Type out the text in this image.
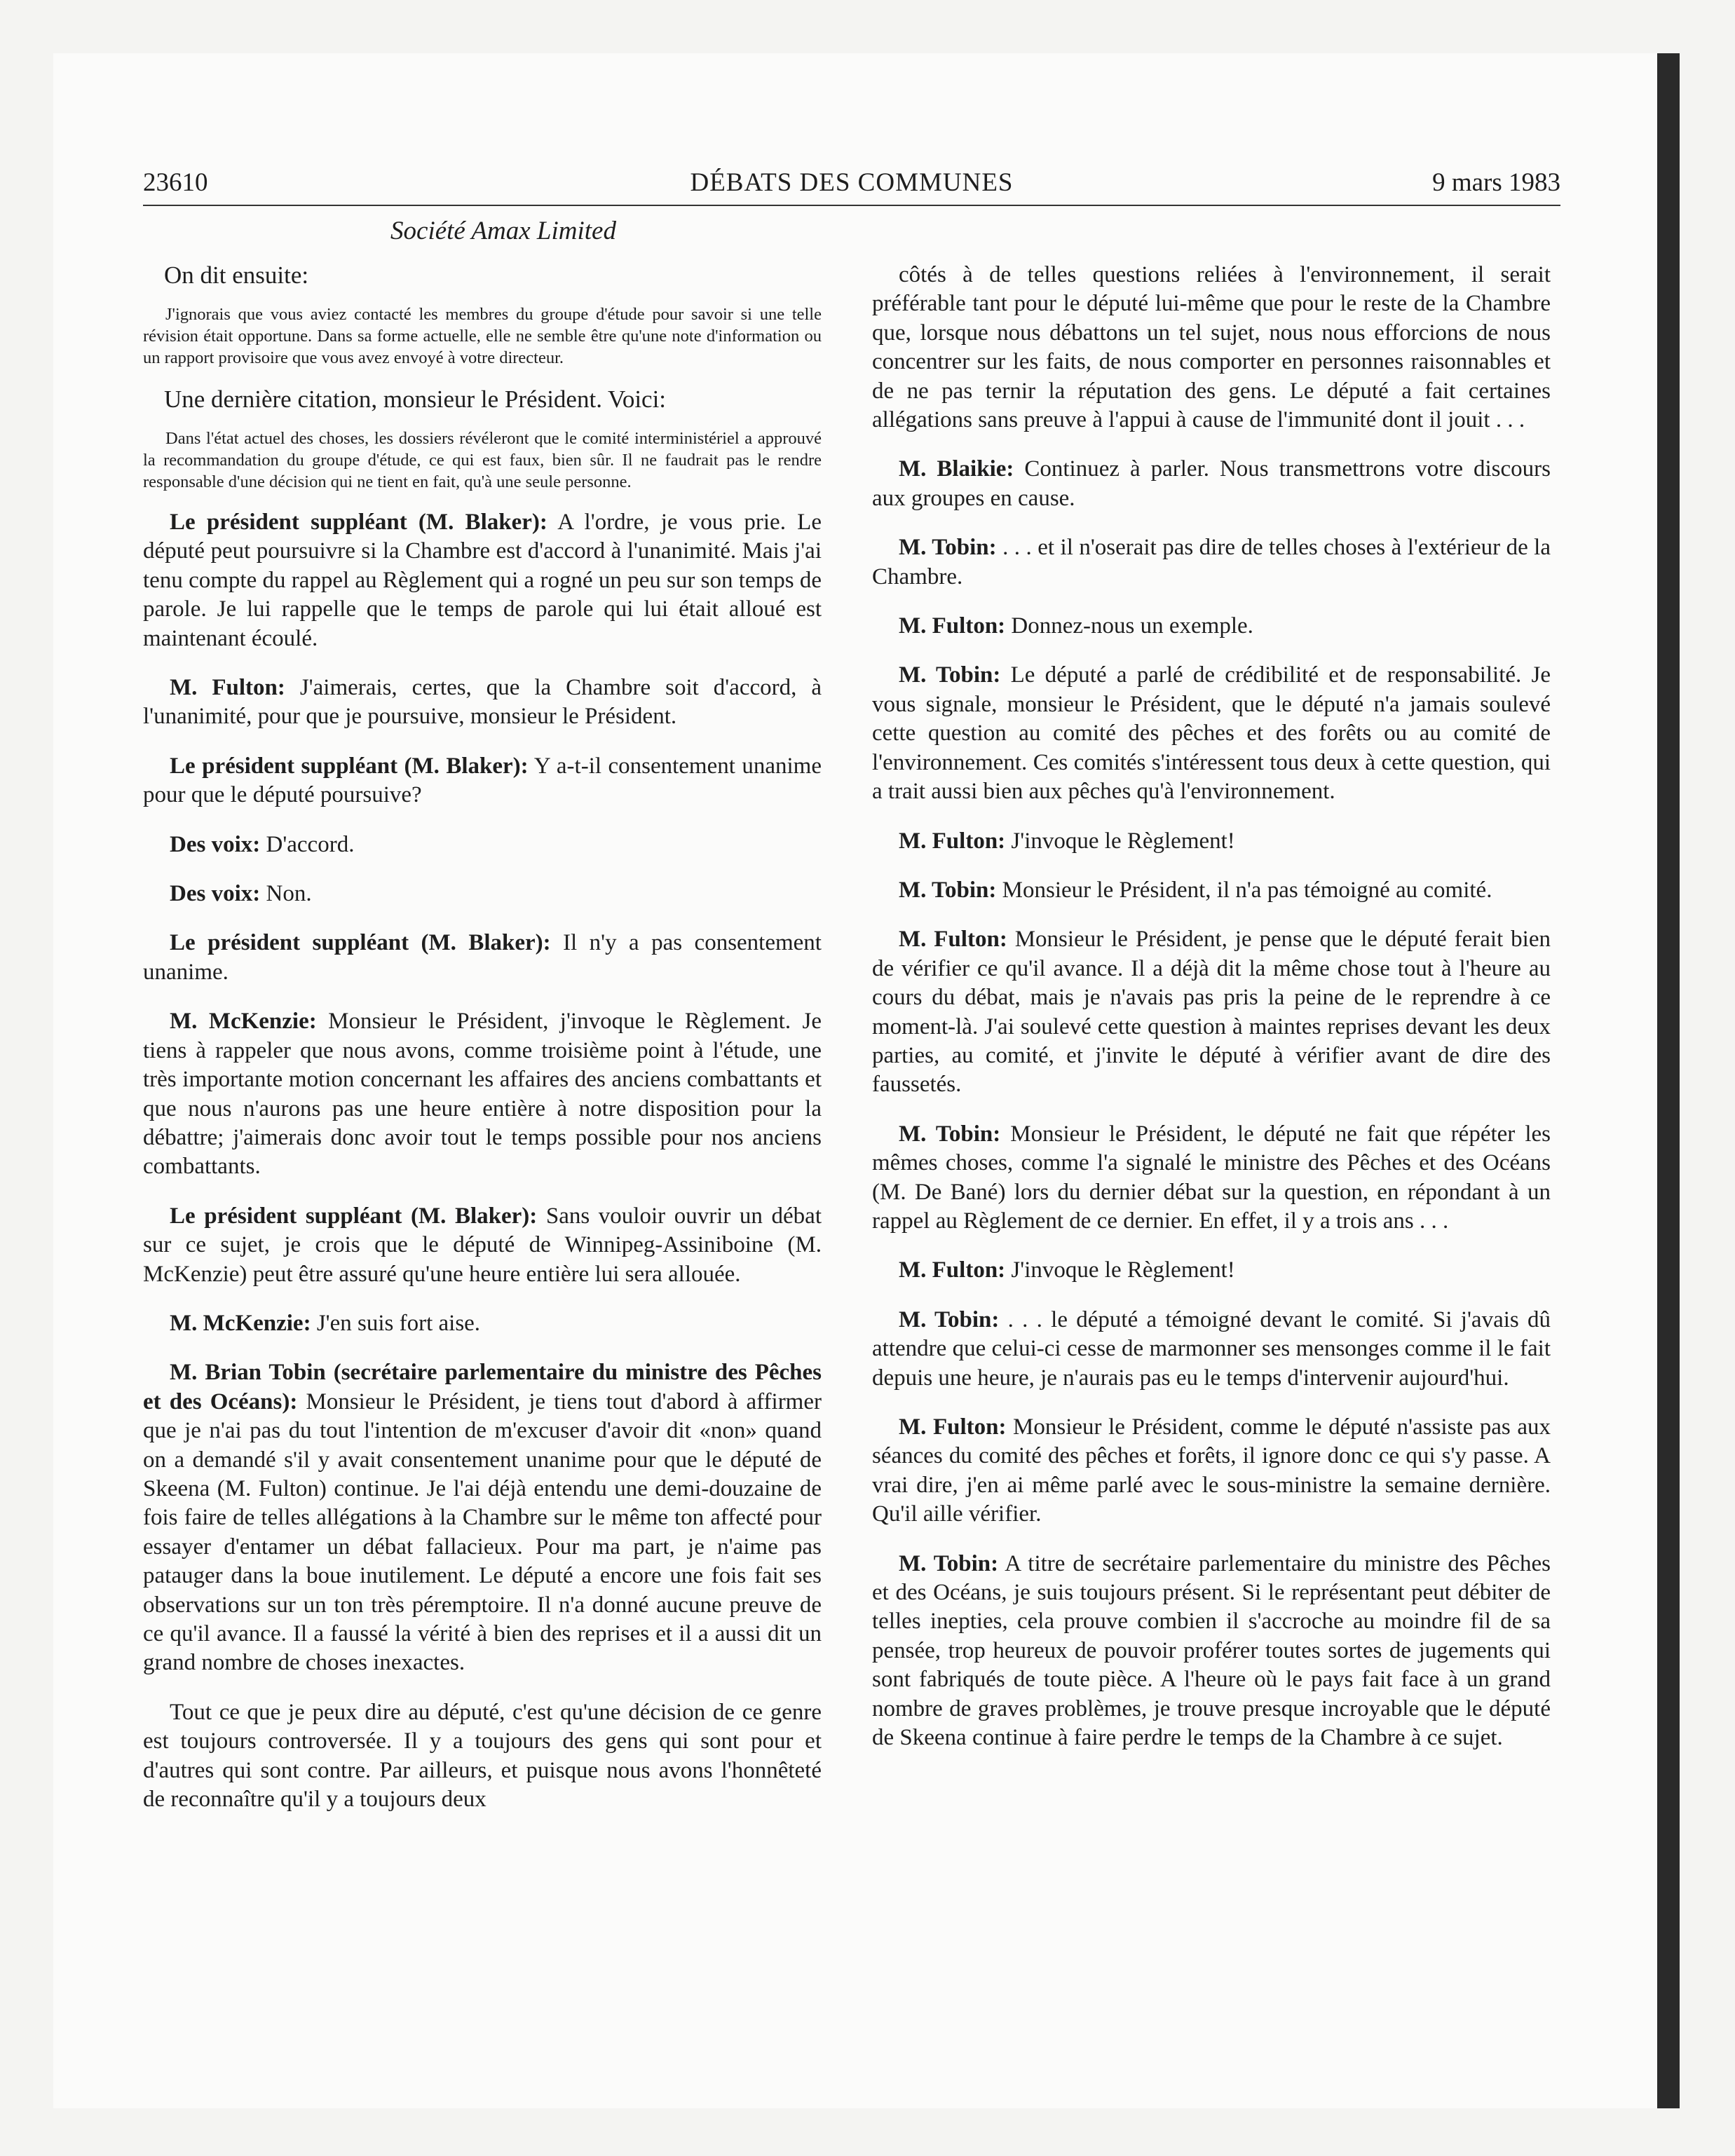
23610	DÉBATS DES COMMUNES	9 mars 1983

Société Amax Limited

On dit ensuite:

J'ignorais que vous aviez contacté les membres du groupe d'étude pour savoir si une telle révision était opportune. Dans sa forme actuelle, elle ne semble être qu'une note d'information ou un rapport provisoire que vous avez envoyé à votre directeur.

Une dernière citation, monsieur le Président. Voici:

Dans l'état actuel des choses, les dossiers révéleront que le comité interministériel a approuvé la recommandation du groupe d'étude, ce qui est faux, bien sûr. Il ne faudrait pas le rendre responsable d'une décision qui ne tient en fait, qu'à une seule personne.

Le président suppléant (M. Blaker): A l'ordre, je vous prie. Le député peut poursuivre si la Chambre est d'accord à l'unanimité. Mais j'ai tenu compte du rappel au Règlement qui a rogné un peu sur son temps de parole. Je lui rappelle que le temps de parole qui lui était alloué est maintenant écoulé.

M. Fulton: J'aimerais, certes, que la Chambre soit d'accord, à l'unanimité, pour que je poursuive, monsieur le Président.

Le président suppléant (M. Blaker): Y a-t-il consentement unanime pour que le député poursuive?

Des voix: D'accord.

Des voix: Non.

Le président suppléant (M. Blaker): Il n'y a pas consentement unanime.

M. McKenzie: Monsieur le Président, j'invoque le Règlement. Je tiens à rappeler que nous avons, comme troisième point à l'étude, une très importante motion concernant les affaires des anciens combattants et que nous n'aurons pas une heure entière à notre disposition pour la débattre; j'aimerais donc avoir tout le temps possible pour nos anciens combattants.

Le président suppléant (M. Blaker): Sans vouloir ouvrir un débat sur ce sujet, je crois que le député de Winnipeg-Assiniboine (M. McKenzie) peut être assuré qu'une heure entière lui sera allouée.

M. McKenzie: J'en suis fort aise.

M. Brian Tobin (secrétaire parlementaire du ministre des Pêches et des Océans): Monsieur le Président, je tiens tout d'abord à affirmer que je n'ai pas du tout l'intention de m'excuser d'avoir dit «non» quand on a demandé s'il y avait consentement unanime pour que le député de Skeena (M. Fulton) continue. Je l'ai déjà entendu une demi-douzaine de fois faire de telles allégations à la Chambre sur le même ton affecté pour essayer d'entamer un débat fallacieux. Pour ma part, je n'aime pas patauger dans la boue inutilement. Le député a encore une fois fait ses observations sur un ton très péremptoire. Il n'a donné aucune preuve de ce qu'il avance. Il a faussé la vérité à bien des reprises et il a aussi dit un grand nombre de choses inexactes.

Tout ce que je peux dire au député, c'est qu'une décision de ce genre est toujours controversée. Il y a toujours des gens qui sont pour et d'autres qui sont contre. Par ailleurs, et puisque nous avons l'honnêteté de reconnaître qu'il y a toujours deux

côtés à de telles questions reliées à l'environnement, il serait préférable tant pour le député lui-même que pour le reste de la Chambre que, lorsque nous débattons un tel sujet, nous nous efforcions de nous concentrer sur les faits, de nous comporter en personnes raisonnables et de ne pas ternir la réputation des gens. Le député a fait certaines allégations sans preuve à l'appui à cause de l'immunité dont il jouit . . .

M. Blaikie: Continuez à parler. Nous transmettrons votre discours aux groupes en cause.

M. Tobin: . . . et il n'oserait pas dire de telles choses à l'extérieur de la Chambre.

M. Fulton: Donnez-nous un exemple.

M. Tobin: Le député a parlé de crédibilité et de responsabilité. Je vous signale, monsieur le Président, que le député n'a jamais soulevé cette question au comité des pêches et des forêts ou au comité de l'environnement. Ces comités s'intéressent tous deux à cette question, qui a trait aussi bien aux pêches qu'à l'environnement.

M. Fulton: J'invoque le Règlement!

M. Tobin: Monsieur le Président, il n'a pas témoigné au comité.

M. Fulton: Monsieur le Président, je pense que le député ferait bien de vérifier ce qu'il avance. Il a déjà dit la même chose tout à l'heure au cours du débat, mais je n'avais pas pris la peine de le reprendre à ce moment-là. J'ai soulevé cette question à maintes reprises devant les deux parties, au comité, et j'invite le député à vérifier avant de dire des faussetés.

M. Tobin: Monsieur le Président, le député ne fait que répéter les mêmes choses, comme l'a signalé le ministre des Pêches et des Océans (M. De Bané) lors du dernier débat sur la question, en répondant à un rappel au Règlement de ce dernier. En effet, il y a trois ans . . .

M. Fulton: J'invoque le Règlement!

M. Tobin: . . . le député a témoigné devant le comité. Si j'avais dû attendre que celui-ci cesse de marmonner ses mensonges comme il le fait depuis une heure, je n'aurais pas eu le temps d'intervenir aujourd'hui.

M. Fulton: Monsieur le Président, comme le député n'assiste pas aux séances du comité des pêches et forêts, il ignore donc ce qui s'y passe. A vrai dire, j'en ai même parlé avec le sous-ministre la semaine dernière. Qu'il aille vérifier.

M. Tobin: A titre de secrétaire parlementaire du ministre des Pêches et des Océans, je suis toujours présent. Si le représentant peut débiter de telles inepties, cela prouve combien il s'accroche au moindre fil de sa pensée, trop heureux de pouvoir proférer toutes sortes de jugements qui sont fabriqués de toute pièce. A l'heure où le pays fait face à un grand nombre de graves problèmes, je trouve presque incroyable que le député de Skeena continue à faire perdre le temps de la Chambre à ce sujet.
